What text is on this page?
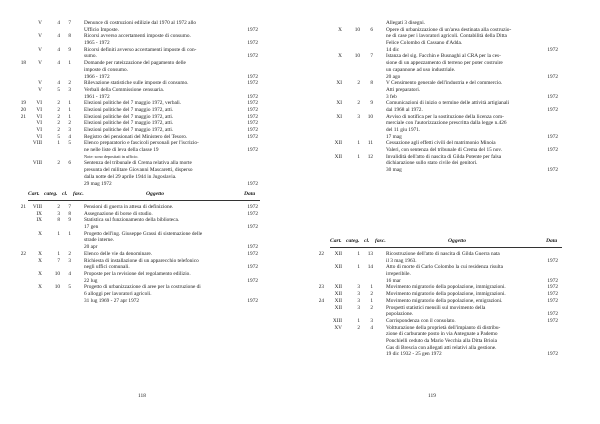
V	4	7 Denunce di costruzioni edilizie dal 1970 al 1972 allo
Ufficio Imposte.	1972
V	4	8 Ricorsi avverso accertamenti imposte di consumo.
1965 - 1972	1972
V	4	9 Ricorsi definiti avverso accertamenti imposte di con-
sumo.	1972
18	V	4	1 Domande per rateizzazione del pagamento delle
imposte di consumo.
1966 - 1972	1972
V	4	2 Rilevazione statistiche sulle imposte di consumo.	1972
V	5	3 Verbali della Commissione censuaria.
1961 - 1972	1972
19	VI	2	1 Elezioni politiche del 7 maggio 1972, verbali.	1972
20	VI	2	1 Elezioni politiche del 7 maggio 1972, atti.	1972
21	VI	2	1 Elezioni politiche del 7 maggio 1972, atti.	1972
VI	2	2 Elezioni politiche del 7 maggio 1972, atti.	1972
VI	2	3 Elezioni politiche del 7 maggio 1972, atti.	1972
VI	5	4 Registro dei pensionati del Ministero del Tesoro.	1972
VIII	1	5 Elenco preparatorio e fascicoli personali per l'iscrizio-
ne nelle liste di leva della classe 19	1972
Note: sono depositati in ufficio.
VIII	2	6 Sentenza del tribunale di Crema relativa alla morte
presunta del militare Giovanni Mascaretti, disperso
dalla notte del 29 aprile 1944 in Jugoslavia.
29 mag 1972	1972
Cart. categ. cl. fasc.	Oggetto	Data
21	VIII	2	7 Pensioni di guerra in attesa di definizione.	1972
IX	3	8 Assegnazione di borse di studio.	1972
IX	8	9 Statistica sul funzionamento della biblioteca.
17 gen	1972
X	1	1 Progetto dell'ing. Giuseppe Grassi di sistemazione delle
strade interne.
20 apr	1972
22	X	1	2 Elenco delle vie da denominare.	1972
X	7	3 Richiesta di installazione di un apparecchio telefonico
negli uffici comunali.	1972
X	10	4 Proposte per la revisione del regolamento edilizio.
22 lug	1972
X	10	5 Progetto di urbanizzazione di aree per la costruzione di
6 alloggi per lavoratori agricoli.
31 lug 1969 - 27 apr 1972	1972
118
Allegati 3 disegni.
X	10	6 Opere di urbanizzazione di un'area destinata alla costruzio-
ne di case per i lavoratori agricoli. Contabilità della Ditta
Felice Colombo di Cassano d'Adda.
14 dic	1972
X	10	7 Istanza del sig. Facchin e Busnaghi al CRA per la ces-
sione di un appezzamento di terreno per poter costruire
un capannone ad uso industriale.
20 ago	1972
XI	2	8 V Censimento generale dell'industria e del commercio.
Atti preparatori.
3 feb	1972
XI	2	9 Comunicazioni di inizio o termine delle attività artigianali
dal 1968 al 1972.	1972
XI	3	10 Avviso di notifica per la sostituzione della licenza com-
merciale con l'autorizzazione prescritta dalla legge n.426
del 11 giu 1971.
17 mag	1972
XII	1	11 Cessazione agli effetti civili del matrimonio Minoia
Valeri, con sentenza del tribunale di Crema del 15 nov.	1972
XII	1	12 Invalidità dell'atto di nascita di Gilda Potente per falsa
dichiarazione sullo stato civile dei genitori.
30 mag	1972
Cart. categ. cl. fasc.	Oggetto	Data
22	XII	1	13 Ricostruzione dell'atto di nascita di Gilda Guerra nata
il 3 mag 1963.	1972
XII	1	14 Atto di morte di Carlo Colombo la cui residenza risulta
irreperibile.
16 mar	1972
23	XII	3	1 Movimento migratorio della popolazione, immigrazioni.	1972
XII	3	2 Movimento migratorio della popolazione, immigrazioni.	1972
24	XII	3	1 Movimento migratorio della popolazione, emigrazioni.	1972
XII	3	2 Prospetti statistici mensili sul movimento della
popolazione.	1972
XIII	1	3 Corrispondenza con il consolato.	1972
XV	2	4 Voltturazione della proprietà dell'impianto di distribu-
zione di carburante posto in via Antegnate a Pademo
Ponchielli ceduto da Mario Vecchia alla Ditta Brioia
Gas di Brescia con allegati atti relativi alla gestione.
19 dic 1932 - 25 gen 1972	1972
119
